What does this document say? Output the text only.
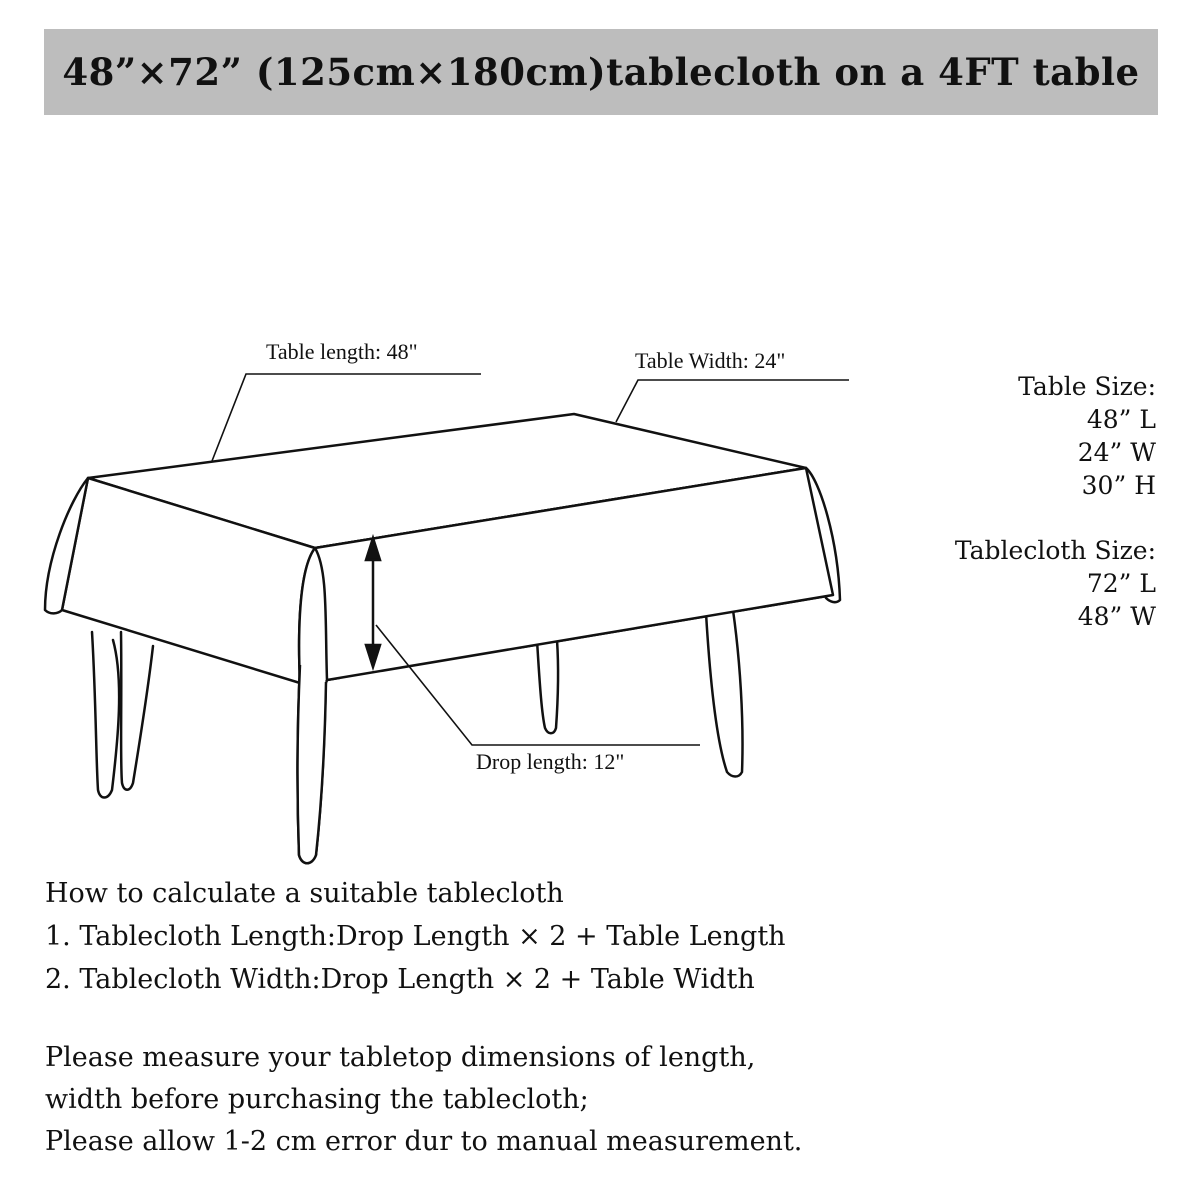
48”×72” (125cm×180cm)tablecloth on a 4FT table
Table length: 48"	Table Width: 24"
Drop length: 12"
Table Size:
48” L
24” W
30” H
Tablecloth Size:
72” L
48” W
How to calculate a suitable tablecloth
1. Tablecloth Length:Drop Length × 2 + Table Length
2. Tablecloth Width:Drop Length × 2 + Table Width
Please measure your tabletop dimensions of length,
width before purchasing the tablecloth;
Please allow 1-2 cm error dur to manual measurement.
